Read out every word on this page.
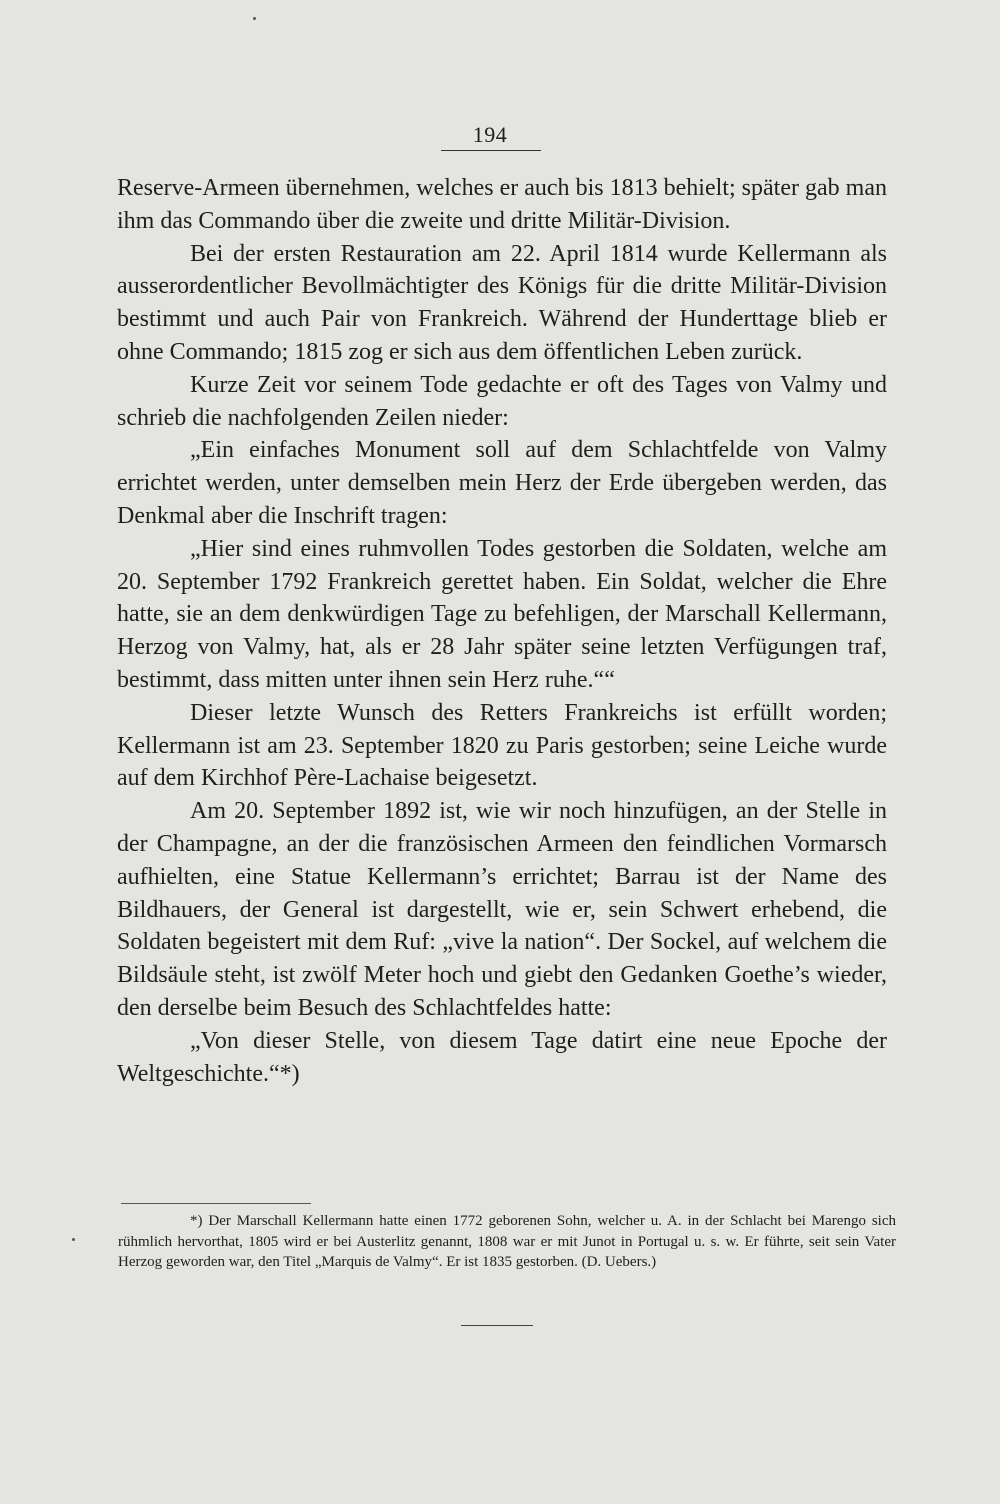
194

Reserve-Armeen übernehmen, welches er auch bis 1813 behielt; später gab man ihm das Commando über die zweite und dritte Militär-Division.

Bei der ersten Restauration am 22. April 1814 wurde Kellermann als ausserordentlicher Bevollmächtigter des Königs für die dritte Militär-Division bestimmt und auch Pair von Frankreich. Während der Hunderttage blieb er ohne Commando; 1815 zog er sich aus dem öffentlichen Leben zurück.

Kurze Zeit vor seinem Tode gedachte er oft des Tages von Valmy und schrieb die nachfolgenden Zeilen nieder:

„Ein einfaches Monument soll auf dem Schlachtfelde von Valmy errichtet werden, unter demselben mein Herz der Erde übergeben werden, das Denkmal aber die Inschrift tragen:

„Hier sind eines ruhmvollen Todes gestorben die Soldaten, welche am 20. September 1792 Frankreich gerettet haben. Ein Soldat, welcher die Ehre hatte, sie an dem denkwürdigen Tage zu befehligen, der Marschall Kellermann, Herzog von Valmy, hat, als er 28 Jahr später seine letzten Verfügungen traf, bestimmt, dass mitten unter ihnen sein Herz ruhe.““

Dieser letzte Wunsch des Retters Frankreichs ist erfüllt worden; Kellermann ist am 23. September 1820 zu Paris gestorben; seine Leiche wurde auf dem Kirchhof Père-Lachaise beigesetzt.

Am 20. September 1892 ist, wie wir noch hinzufügen, an der Stelle in der Champagne, an der die französischen Armeen den feindlichen Vormarsch aufhielten, eine Statue Kellermann’s errichtet; Barrau ist der Name des Bildhauers, der General ist dargestellt, wie er, sein Schwert erhebend, die Soldaten begeistert mit dem Ruf: „vive la nation“. Der Sockel, auf welchem die Bildsäule steht, ist zwölf Meter hoch und giebt den Gedanken Goethe’s wieder, den derselbe beim Besuch des Schlachtfeldes hatte:

„Von dieser Stelle, von diesem Tage datirt eine neue Epoche der Weltgeschichte.“*)

*) Der Marschall Kellermann hatte einen 1772 geborenen Sohn, welcher u. A. in der Schlacht bei Marengo sich rühmlich hervorthat, 1805 wird er bei Austerlitz genannt, 1808 war er mit Junot in Portugal u. s. w. Er führte, seit sein Vater Herzog geworden war, den Titel „Marquis de Valmy“. Er ist 1835 gestorben. (D. Uebers.)
